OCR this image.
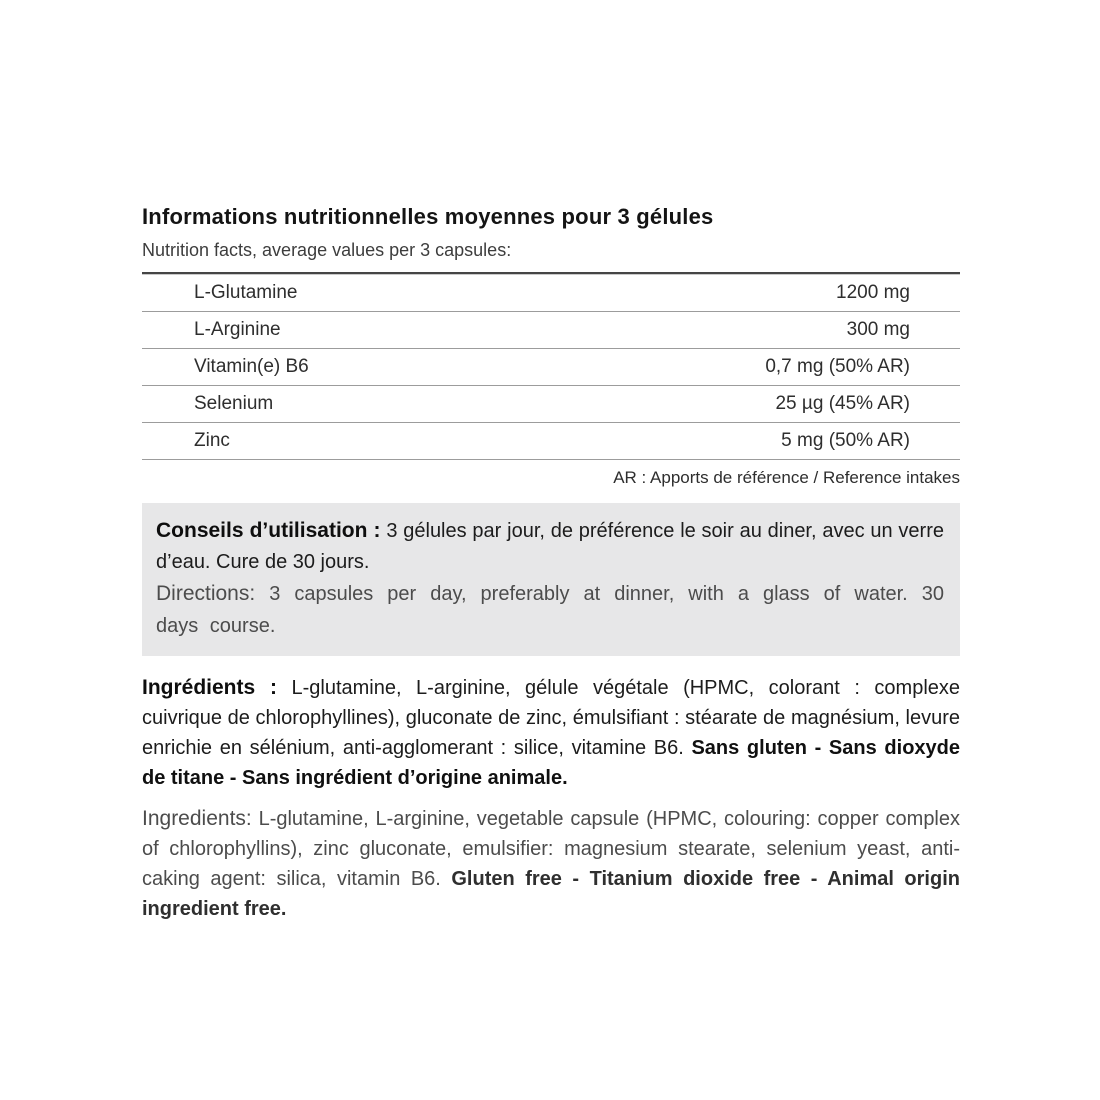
Informations nutritionnelles moyennes pour 3 gélules
Nutrition facts, average values per 3 capsules:
L-Glutamine	1200 mg
L-Arginine	300 mg
Vitamin(e) B6	0,7 mg (50% AR)
Selenium	25 µg (45% AR)
Zinc	5 mg (50% AR)
AR : Apports de référence / Reference intakes

Conseils d’utilisation : 3 gélules par jour, de préférence le soir au diner, avec un verre d’eau. Cure de 30 jours.

Directions: 3 capsules per day, preferably at dinner, with a glass of water. 30 days course.

Ingrédients : L-glutamine, L-arginine, gélule végétale (HPMC, colorant : complexe cuivrique de chlorophyllines), gluconate de zinc, émulsifiant : stéarate de magnésium, levure enrichie en sélénium, anti-agglomerant : silice, vitamine B6. Sans gluten - Sans dioxyde de titane - Sans ingrédient d’origine animale.

Ingredients: L-glutamine, L-arginine, vegetable capsule (HPMC, colouring: copper complex of chlorophyllins), zinc gluconate, emulsifier: magnesium stearate, selenium yeast, anti-caking agent: silica, vitamin B6. Gluten free - Titanium dioxide free - Animal origin ingredient free.
